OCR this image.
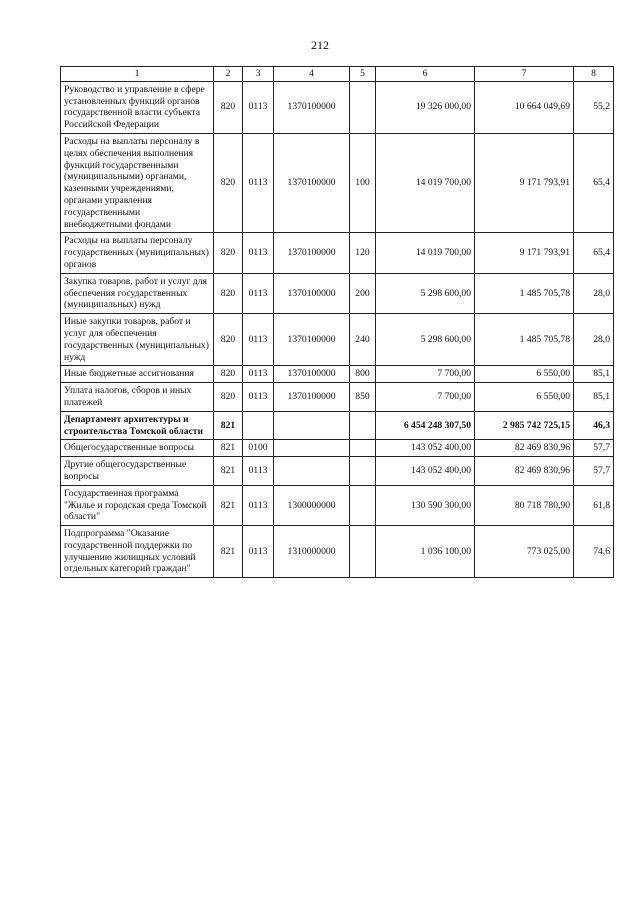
212
1	2	3	4	5	6	7	8
Руководство и управление в сфере установленных функций органов государственной власти субъекта Российской Федерации	820	0113	1370100000		19 326 000,00	10 664 049,69	55,2
Расходы на выплаты персоналу в целях обеспечения выполнения функций государственными (муниципальными) органами, казенными учреждениями, органами управления государственными внебюджетными фондами	820	0113	1370100000	100	14 019 700,00	9 171 793,91	65,4
Расходы на выплаты персоналу государственных (муниципальных) органов	820	0113	1370100000	120	14 019 700,00	9 171 793,91	65,4
Закупка товаров, работ и услуг для обеспечения государственных (муниципальных) нужд	820	0113	1370100000	200	5 298 600,00	1 485 705,78	28,0
Иные закупки товаров, работ и услуг для обеспечения государственных (муниципальных) нужд	820	0113	1370100000	240	5 298 600,00	1 485 705,78	28,0
Иные бюджетные ассигнования	820	0113	1370100000	800	7 700,00	6 550,00	85,1
Уплата налогов, сборов и иных платежей	820	0113	1370100000	850	7 700,00	6 550,00	85,1
Департамент архитектуры и строительства Томской области	821				6 454 248 307,50	2 985 742 725,15	46,3
Общегосударственные вопросы	821	0100			143 052 400,00	82 469 830,96	57,7
Другие общегосударственные вопросы	821	0113			143 052 400,00	82 469 830,96	57,7
Государственная программа "Жилье и городская среда Томской области"	821	0113	1300000000		130 590 300,00	80 718 780,90	61,8
Подпрограмма "Оказание государственной поддержки по улучшению жилищных условий отдельных категорий граждан"	821	0113	1310000000		1 036 100,00	773 025,00	74,6
